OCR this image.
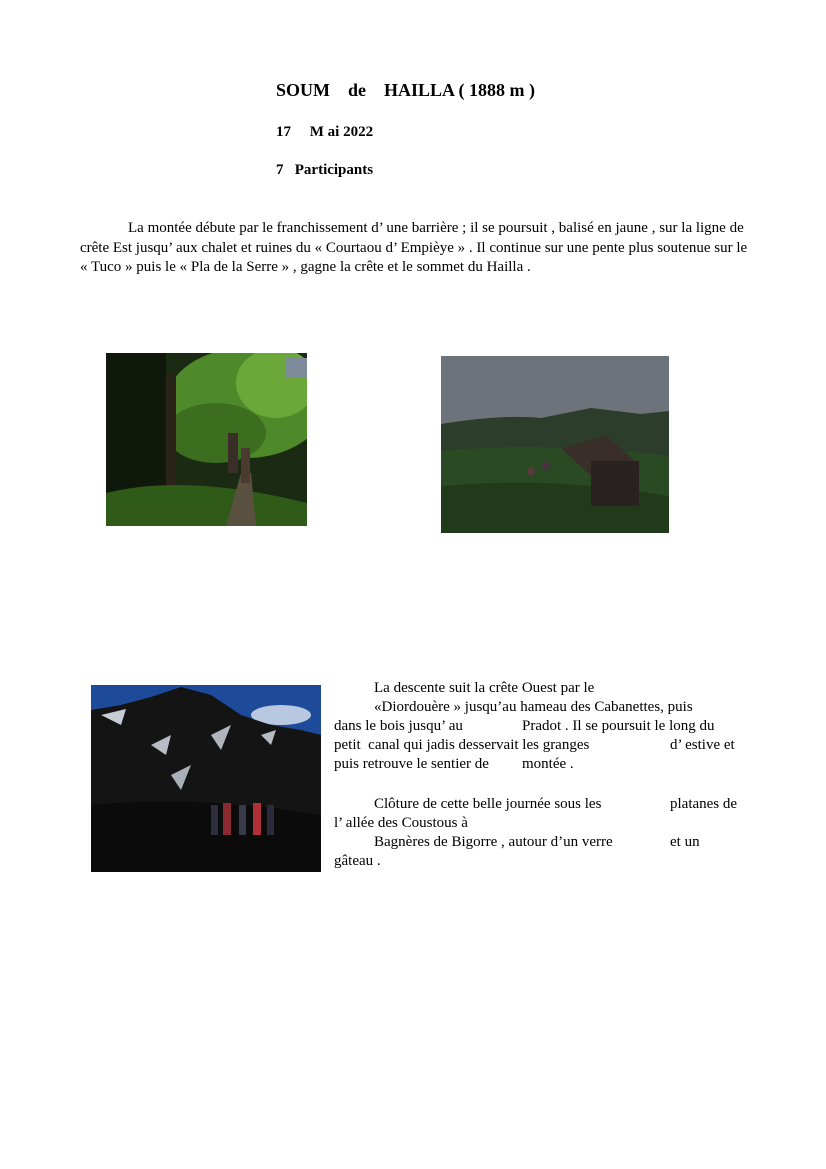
SOUM    de    HAILLA ( 1888 m )
17     M ai 2022
7   Participants

La montée débute par le franchissement d’ une barrière ; il se poursuit , balisé en jaune , sur la ligne de crête Est jusqu’ aux chalet et ruines du « Courtaou d’ Empièye » . Il continue sur une pente plus soutenue sur le « Tuco » puis le « Pla de la Serre » , gagne la crête et le sommet du Hailla .

La descente suit la crête Ouest par le
«Diordouère » jusqu’au hameau des Cabanettes, puis
dans le bois jusqu’ au	Pradot . Il se poursuit le long du
petit  canal qui jadis desservait les granges	d’ estive et
puis retrouve le sentier de montée .
Clôture de cette belle journée sous les	platanes de
l’ allée des Coustous à
Bagnères de Bigorre , autour d’un verre	et un
gâteau .
